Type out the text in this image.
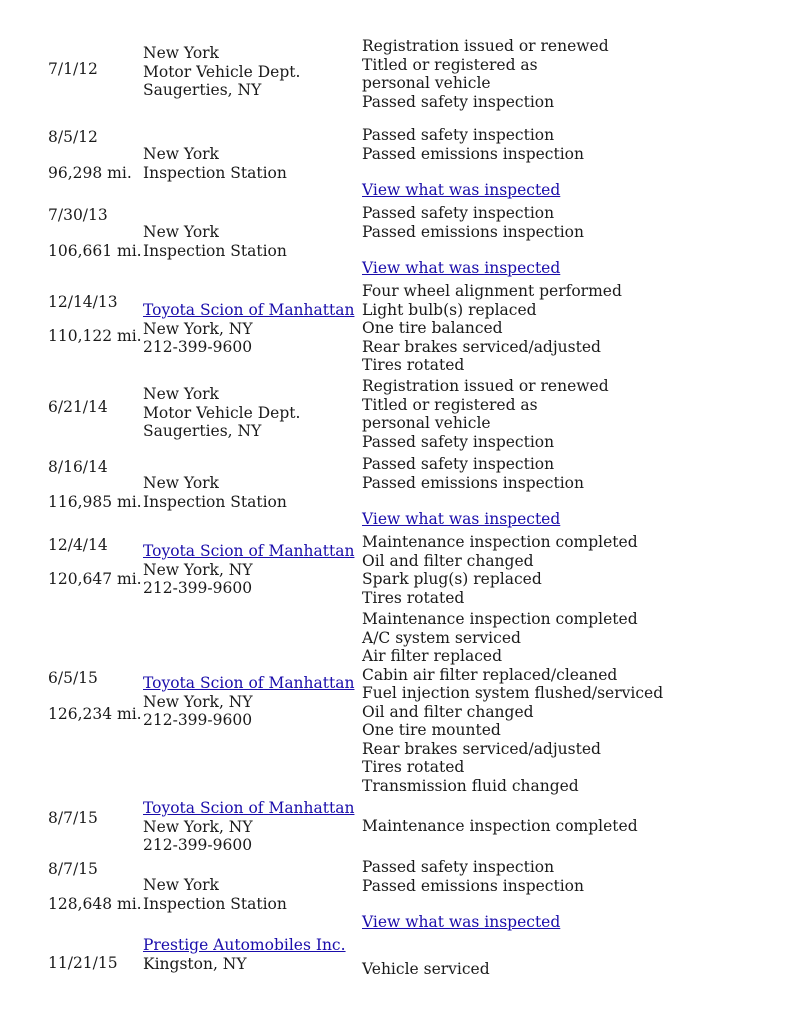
7/1/12
New York
Motor Vehicle Dept.
Saugerties, NY
Registration issued or renewed
Titled or registered as
personal vehicle
Passed safety inspection
8/5/12
96,298 mi.
New York
Inspection Station
Passed safety inspection
Passed emissions inspection
View what was inspected
7/30/13
106,661 mi.
New York
Inspection Station
Passed safety inspection
Passed emissions inspection
View what was inspected
12/14/13
110,122 mi.
Toyota Scion of Manhattan
New York, NY
212-399-9600
Four wheel alignment performed
Light bulb(s) replaced
One tire balanced
Rear brakes serviced/adjusted
Tires rotated
6/21/14
New York
Motor Vehicle Dept.
Saugerties, NY
Registration issued or renewed
Titled or registered as
personal vehicle
Passed safety inspection
8/16/14
116,985 mi.
New York
Inspection Station
Passed safety inspection
Passed emissions inspection
View what was inspected
12/4/14
120,647 mi.
Toyota Scion of Manhattan
New York, NY
212-399-9600
Maintenance inspection completed
Oil and filter changed
Spark plug(s) replaced
Tires rotated
6/5/15
126,234 mi.
Toyota Scion of Manhattan
New York, NY
212-399-9600
Maintenance inspection completed
A/C system serviced
Air filter replaced
Cabin air filter replaced/cleaned
Fuel injection system flushed/serviced
Oil and filter changed
One tire mounted
Rear brakes serviced/adjusted
Tires rotated
Transmission fluid changed
8/7/15
Toyota Scion of Manhattan
New York, NY
212-399-9600
Maintenance inspection completed
8/7/15
128,648 mi.
New York
Inspection Station
Passed safety inspection
Passed emissions inspection
View what was inspected
11/21/15
Prestige Automobiles Inc.
Kingston, NY	Vehicle serviced
